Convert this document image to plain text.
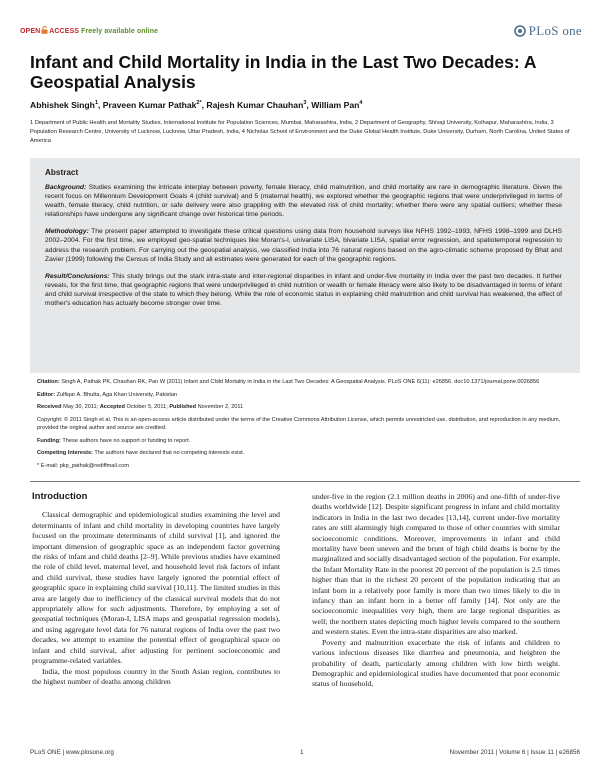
OPEN ACCESS Freely available online	PLoS one
Infant and Child Mortality in India in the Last Two Decades: A Geospatial Analysis
Abhishek Singh$^1$, Praveen Kumar Pathak$^{2*}$, Rajesh Kumar Chauhan$^3$, William Pan$^4$
1 Department of Public Health and Mortality Studies, International Institute for Population Sciences, Mumbai, Maharashtra, India, 2 Department of Geography, Shivaji University, Kolhapur, Maharashtra, India, 3 Population Research Centre, University of Lucknow, Lucknow, Uttar Pradesh, India, 4 Nicholas School of Environment and the Duke Global Health Institute, Duke University, Durham, North Carolina, United States of America
Abstract

Background: Studies examining the intricate interplay between poverty, female literacy, child malnutrition, and child mortality are rare in demographic literature. Given the recent focus on Millennium Development Goals 4 (child survival) and 5 (maternal health), we explored whether the geographic regions that were underprivileged in terms of wealth, female literacy, child nutrition, or safe delivery were also grappling with the elevated risk of child mortality; whether there were any spatial outliers; whether these relationships have undergone any significant change over historical time periods.

Methodology: The present paper attempted to investigate these critical questions using data from household surveys like NFHS 1992–1993, NFHS 1998–1999 and DLHS 2002–2004. For the first time, we employed geo-spatial techniques like Moran's-I, univariate LISA, bivariate LISA, spatial error regression, and spatiotemporal regression to address the research problem. For carrying out the geospatial analysis, we classified India into 76 natural regions based on the agro-climatic scheme proposed by Bhat and Zavier (1999) following the Census of India Study and all estimates were generated for each of the geographic regions.

Result/Conclusions: This study brings out the stark intra-state and inter-regional disparities in infant and under-five mortality in India over the past two decades. It further reveals, for the first time, that geographic regions that were underprivileged in child nutrition or wealth or female literacy were also likely to be disadvantaged in terms of infant and child survival irrespective of the state to which they belong. While the role of economic status in explaining child malnutrition and child survival has weakened, the effect of mother's education has actually become stronger over time.

Citation: Singh A, Pathak PK, Chauhan RK, Pan W (2011) Infant and Child Mortality in India in the Last Two Decades: A Geospatial Analysis. PLoS ONE 6(11): e26856. doi:10.1371/journal.pone.0026856
Editor: Zulfiqar A. Bhutta, Aga Khan University, Pakistan
Received May 30, 2011; Accepted October 5, 2011; Published November 2, 2011
Copyright: © 2011 Singh et al. This is an open-access article distributed under the terms of the Creative Commons Attribution License, which permits unrestricted use, distribution, and reproduction in any medium, provided the original author and source are credited.
Funding: These authors have no support or funding to report.
Competing Interests: The authors have declared that no competing interests exist.
* E-mail: pkp_pathak@rediffmail.com
Introduction

Classical demographic and epidemiological studies examining the level and determinants of infant and child mortality in developing countries have largely focused on the proximate determinants of child survival [1], and ignored the important dimension of geographic space as an independent factor governing the risks of infant and child deaths [2–9]. While previous studies have examined the role of child level, maternal level, and household level risk factors of infant and child survival, these studies have largely ignored the potential effect of geographic space in explaining child survival [10,11]. The limited studies in this area are largely due to inefficiency of the classical survival models that do not appropriately allow for such adjustments. Therefore, by employing a set of geospatial techniques (Moran-I, LISA maps and geospatial regression models), and using aggregate level data for 76 natural regions of India over the past two decades, we attempt to examine the potential effect of geographical space on infant and child survival, after adjusting for pertinent socioeconomic and programme-related variables.

India, the most populous country in the South Asian region, contributes to the highest number of deaths among children

under-five in the region (2.1 million deaths in 2006) and one-fifth of under-five deaths worldwide [12]. Despite significant progress in infant and child mortality indicators in India in the last two decades [13,14], current under-five mortality rates are still alarmingly high compared to those of other countries with similar socioeconomic conditions. Moreover, improvements in infant and child mortality have been uneven and the brunt of high child deaths is borne by the marginalized and socially disadvantaged section of the population. For example, the Infant Mortality Rate in the poorest 20 percent of the population is 2.5 times higher than that in the richest 20 percent of the population indicating that an infant born in a relatively poor family is more than two times likely to die in infancy than an infant born in a better off family [14]. Not only are the socioeconomic inequalities very high, there are large regional disparities as well; the northern states depicting much higher levels compared to the southern and western states. Even the intra-state disparities are also marked.

Poverty and malnutrition exacerbate the risk of infants and children to various infectious diseases like diarrhea and pneumonia, and heighten the probability of death, particularly among children with low birth weight. Demographic and epidemiological studies have documented that poor economic status of household,

PLoS ONE | www.plosone.org	1	November 2011 | Volume 6 | Issue 11 | e26856
